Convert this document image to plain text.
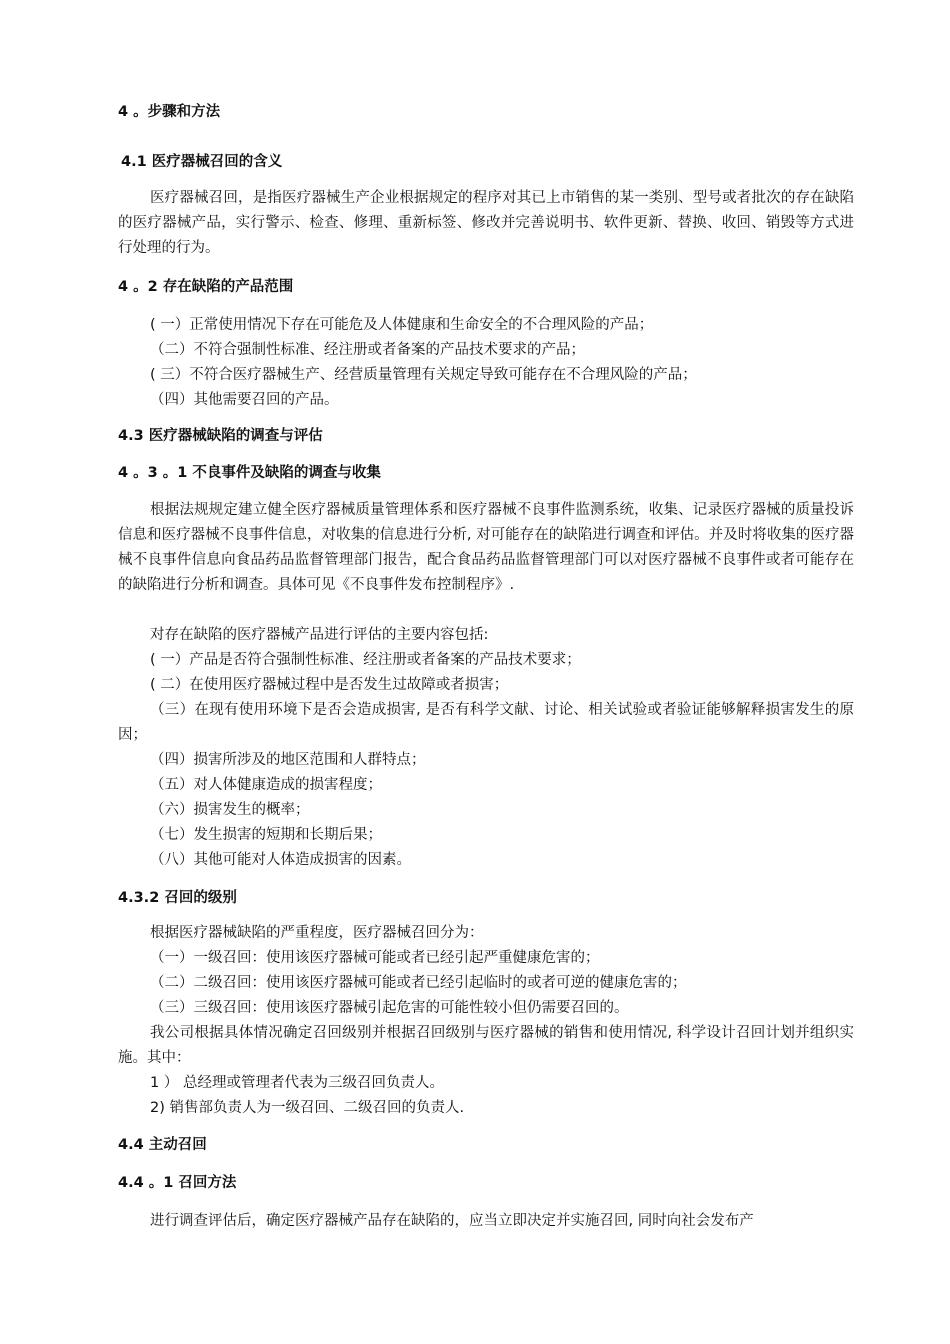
4 。步骤和方法
4.1 医疗器械召回的含义
医疗器械召回，是指医疗器械生产企业根据规定的程序对其已上市销售的某一类别、型号或者批次的存在缺陷的医疗器械产品，实行警示、检查、修理、重新标签、修改并完善说明书、软件更新、替换、收回、销毁等方式进行处理的行为。
4 。2 存在缺陷的产品范围
( 一）正常使用情况下存在可能危及人体健康和生命安全的不合理风险的产品；
（二）不符合强制性标准、经注册或者备案的产品技术要求的产品；
( 三）不符合医疗器械生产、经营质量管理有关规定导致可能存在不合理风险的产品；
（四）其他需要召回的产品。
4.3 医疗器械缺陷的调查与评估
4 。3 。1 不良事件及缺陷的调查与收集
根据法规规定建立健全医疗器械质量管理体系和医疗器械不良事件监测系统，收集、记录医疗器械的质量投诉信息和医疗器械不良事件信息，对收集的信息进行分析, 对可能存在的缺陷进行调查和评估。并及时将收集的医疗器械不良事件信息向食品药品监督管理部门报告，配合食品药品监督管理部门可以对医疗器械不良事件或者可能存在的缺陷进行分析和调查。具体可见《不良事件发布控制程序》.
对存在缺陷的医疗器械产品进行评估的主要内容包括:
( 一）产品是否符合强制性标准、经注册或者备案的产品技术要求；
( 二）在使用医疗器械过程中是否发生过故障或者损害；
（三）在现有使用环境下是否会造成损害, 是否有科学文献、讨论、相关试验或者验证能够解释损害发生的原因；
（四）损害所涉及的地区范围和人群特点；
（五）对人体健康造成的损害程度；
（六）损害发生的概率；
（七）发生损害的短期和长期后果；
（八）其他可能对人体造成损害的因素。
4.3.2 召回的级别
根据医疗器械缺陷的严重程度，医疗器械召回分为：
（一）一级召回：使用该医疗器械可能或者已经引起严重健康危害的；
（二）二级召回：使用该医疗器械可能或者已经引起临时的或者可逆的健康危害的；
（三）三级召回：使用该医疗器械引起危害的可能性较小但仍需要召回的。
我公司根据具体情况确定召回级别并根据召回级别与医疗器械的销售和使用情况, 科学设计召回计划并组织实施。其中：
1 ） 总经理或管理者代表为三级召回负责人。
2) 销售部负责人为一级召回、二级召回的负责人.
4.4 主动召回
4.4 。1 召回方法
进行调查评估后，确定医疗器械产品存在缺陷的，应当立即决定并实施召回, 同时向社会发布产
